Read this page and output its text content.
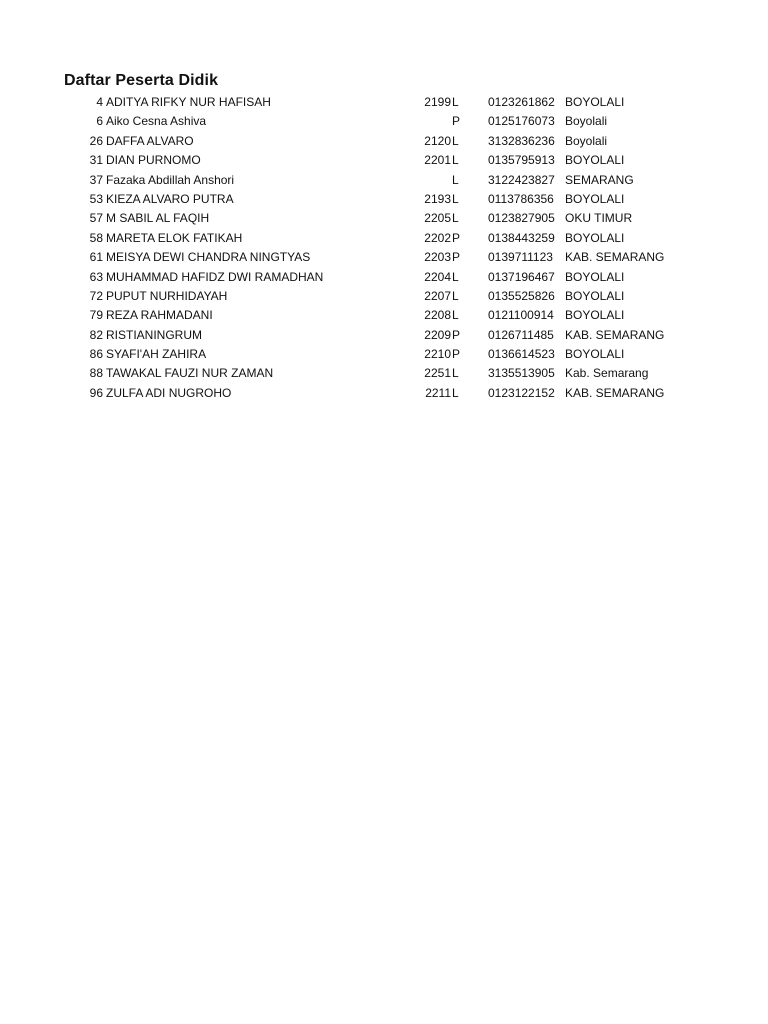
Daftar Peserta Didik
4 ADITYA RIFKY NUR HAFISAH	2199 L 0123261862 BOYOLALI
6 Aiko Cesna Ashiva	P 0125176073 Boyolali
26 DAFFA ALVARO	2120 L 3132836236 Boyolali
31 DIAN PURNOMO	2201 L 0135795913 BOYOLALI
37 Fazaka Abdillah Anshori	L 3122423827 SEMARANG
53 KIEZA ALVARO PUTRA	2193 L 0113786356 BOYOLALI
57 M SABIL AL FAQIH	2205 L 0123827905 OKU TIMUR
58 MARETA ELOK FATIKAH	2202 P 0138443259 BOYOLALI
61 MEISYA DEWI CHANDRA NINGTYAS	2203 P 0139711123 KAB. SEMARANG
63 MUHAMMAD HAFIDZ DWI RAMADHAN	2204 L 0137196467 BOYOLALI
72 PUPUT NURHIDAYAH	2207 L 0135525826 BOYOLALI
79 REZA RAHMADANI	2208 L 0121100914 BOYOLALI
82 RISTIANINGRUM	2209 P 0126711485 KAB. SEMARANG
86 SYAFI'AH ZAHIRA	2210 P 0136614523 BOYOLALI
88 TAWAKAL FAUZI NUR ZAMAN	2251 L 3135513905 Kab. Semarang
96 ZULFA ADI NUGROHO	2211 L 0123122152 KAB. SEMARANG
